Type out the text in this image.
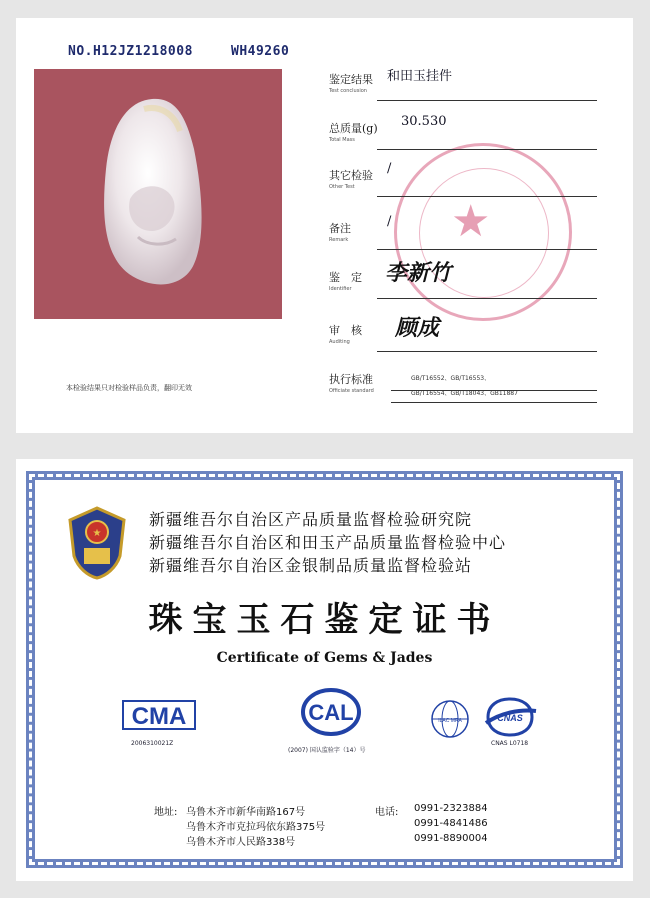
NO.H12JZ1218008	WH49260
本检验结果只对检验样品负责，翻印无效
★
鉴定结果
Test conclusion
和田玉挂件
总质量(g)
Total Mass
30.530
其它检验
Other Test
/
备注
Remark
/
鉴　定
Identifier
李新竹
审　核
Auditing
顾成
执行标准
Officiate standard
GB/T16552、GB/T16553、
GB/T16554、GB/T18043、GB11887
★
新疆维吾尔自治区产品质量监督检验研究院
新疆维吾尔自治区和田玉产品质量监督检验中心
新疆维吾尔自治区金银制品质量监督检验站
珠宝玉石鉴定证书
Certificate of Gems & Jades
CMA
2006310021Z
CAL
(2007) 国认监验字（14）号
ILAC MRA	CNAS
CNAS L0718
地址: 乌鲁木齐市新华南路167号
乌鲁木齐市克拉玛依东路375号
乌鲁木齐市人民路338号
电话: 0991-2323884
0991-4841486
0991-8890004
